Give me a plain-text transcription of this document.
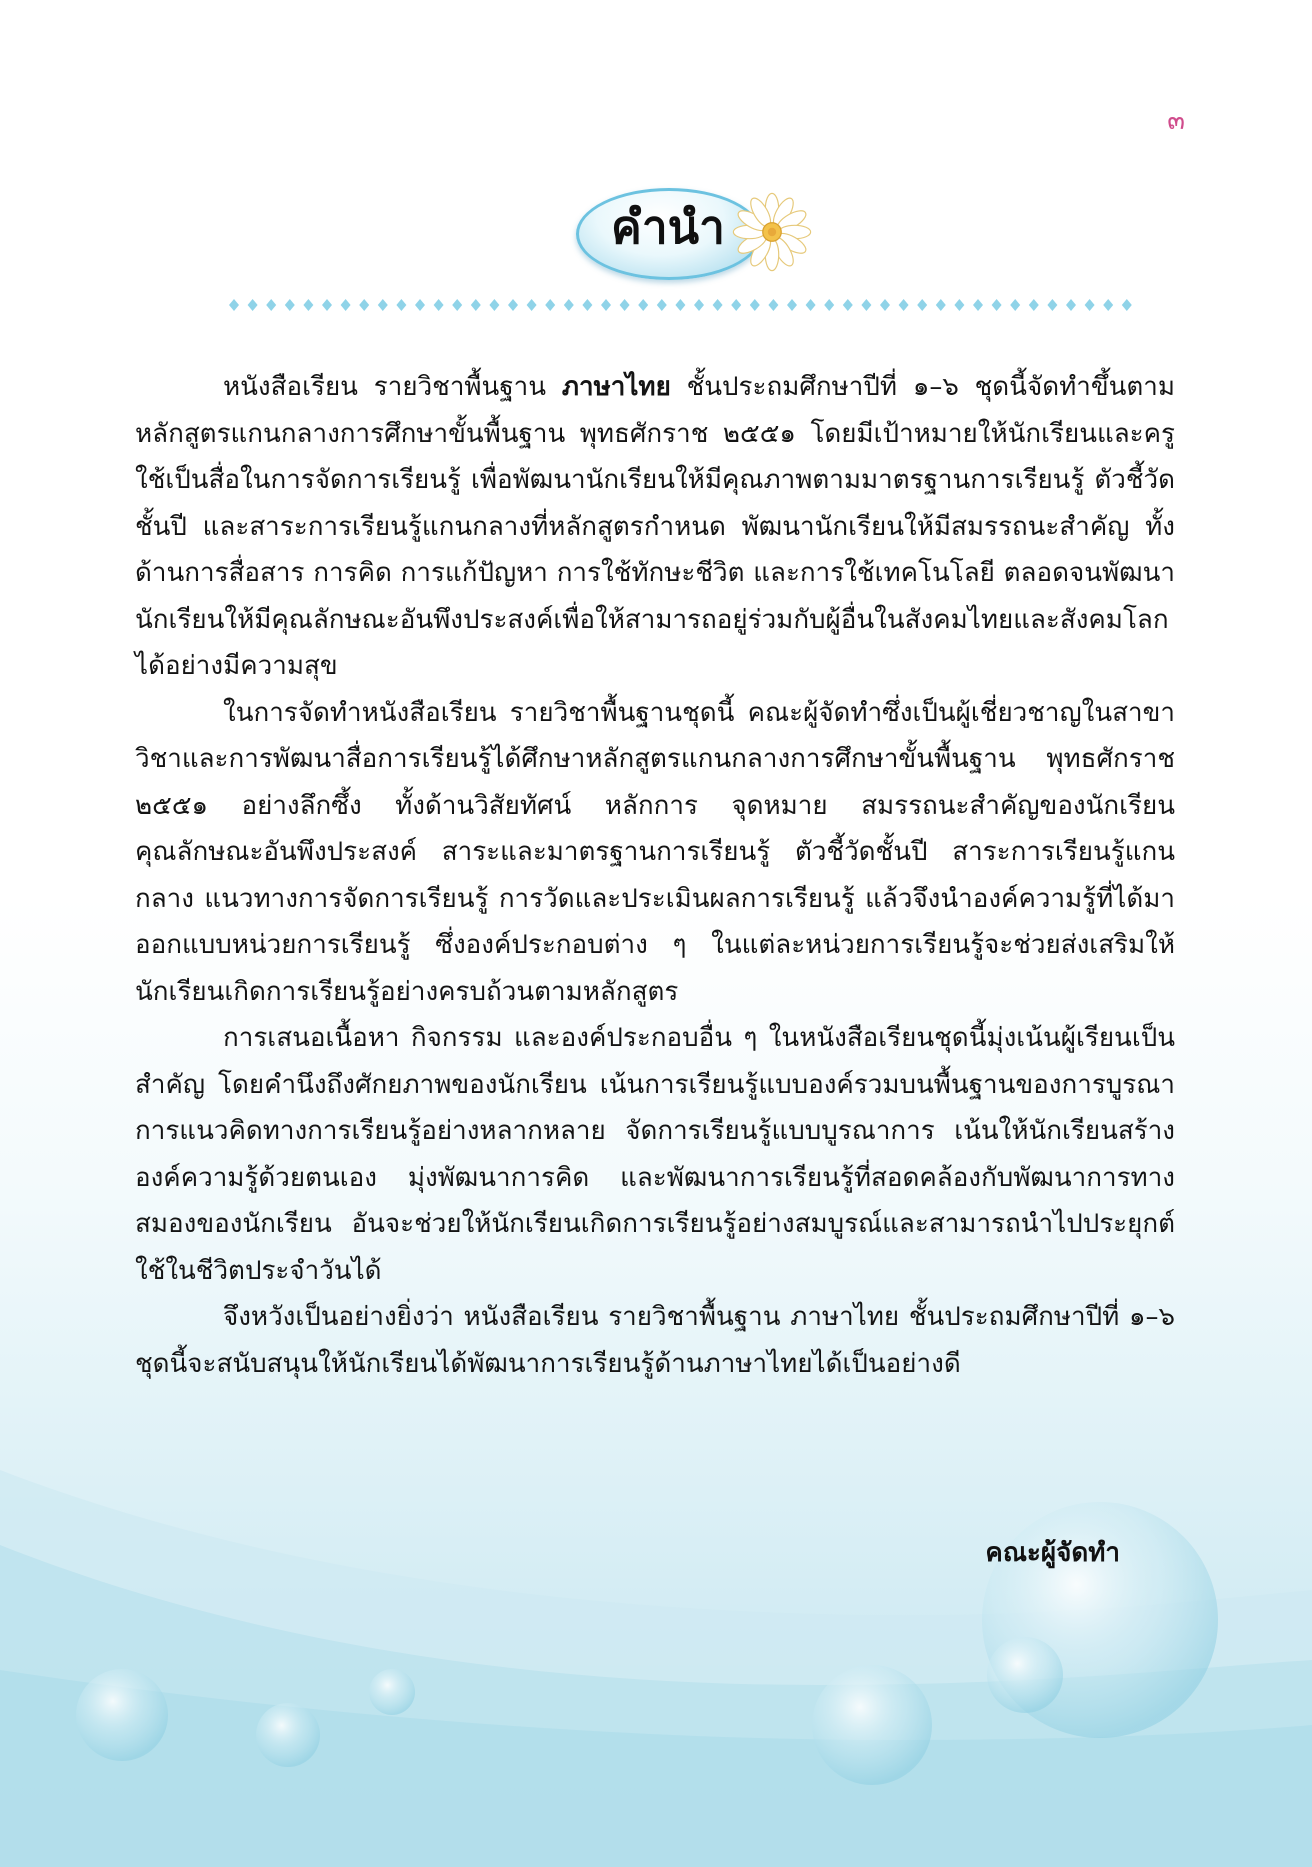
๓
คำนำ

หนังสือเรียน รายวิชาพื้นฐาน ภาษาไทย ชั้นประถมศึกษาปีที่ ๑–๖ ชุดนี้จัดทำขึ้นตามหลักสูตรแกนกลางการศึกษาขั้นพื้นฐาน พุทธศักราช ๒๕๕๑ โดยมีเป้าหมายให้นักเรียนและครูใช้เป็นสื่อในการจัดการเรียนรู้ เพื่อพัฒนานักเรียนให้มีคุณภาพตามมาตรฐานการเรียนรู้ ตัวชี้วัดชั้นปี และสาระการเรียนรู้แกนกลางที่หลักสูตรกำหนด พัฒนานักเรียนให้มีสมรรถนะสำคัญ ทั้งด้านการสื่อสาร การคิด การแก้ปัญหา การใช้ทักษะชีวิต และการใช้เทคโนโลยี ตลอดจนพัฒนานักเรียนให้มีคุณลักษณะอันพึงประสงค์เพื่อให้สามารถอยู่ร่วมกับผู้อื่นในสังคมไทยและสังคมโลกได้อย่างมีความสุข

ในการจัดทำหนังสือเรียน รายวิชาพื้นฐานชุดนี้ คณะผู้จัดทำซึ่งเป็นผู้เชี่ยวชาญในสาขาวิชาและการพัฒนาสื่อการเรียนรู้ได้ศึกษาหลักสูตรแกนกลางการศึกษาขั้นพื้นฐาน พุทธศักราช ๒๕๕๑ อย่างลึกซึ้ง ทั้งด้านวิสัยทัศน์ หลักการ จุดหมาย สมรรถนะสำคัญของนักเรียน คุณลักษณะอันพึงประสงค์ สาระและมาตรฐานการเรียนรู้ ตัวชี้วัดชั้นปี สาระการเรียนรู้แกนกลาง แนวทางการจัดการเรียนรู้ การวัดและประเมินผลการเรียนรู้ แล้วจึงนำองค์ความรู้ที่ได้มาออกแบบหน่วยการเรียนรู้ ซึ่งองค์ประกอบต่าง ๆ ในแต่ละหน่วยการเรียนรู้จะช่วยส่งเสริมให้นักเรียนเกิดการเรียนรู้อย่างครบถ้วนตามหลักสูตร

การเสนอเนื้อหา กิจกรรม และองค์ประกอบอื่น ๆ ในหนังสือเรียนชุดนี้มุ่งเน้นผู้เรียนเป็นสำคัญ โดยคำนึงถึงศักยภาพของนักเรียน เน้นการเรียนรู้แบบองค์รวมบนพื้นฐานของการบูรณาการแนวคิดทางการเรียนรู้อย่างหลากหลาย จัดการเรียนรู้แบบบูรณาการ เน้นให้นักเรียนสร้างองค์ความรู้ด้วยตนเอง มุ่งพัฒนาการคิด และพัฒนาการเรียนรู้ที่สอดคล้องกับพัฒนาการทางสมองของนักเรียน อันจะช่วยให้นักเรียนเกิดการเรียนรู้อย่างสมบูรณ์และสามารถนำไปประยุกต์ใช้ในชีวิตประจำวันได้

จึงหวังเป็นอย่างยิ่งว่า หนังสือเรียน รายวิชาพื้นฐาน ภาษาไทย ชั้นประถมศึกษาปีที่ ๑–๖ ชุดนี้จะสนับสนุนให้นักเรียนได้พัฒนาการเรียนรู้ด้านภาษาไทยได้เป็นอย่างดี

คณะผู้จัดทำ
